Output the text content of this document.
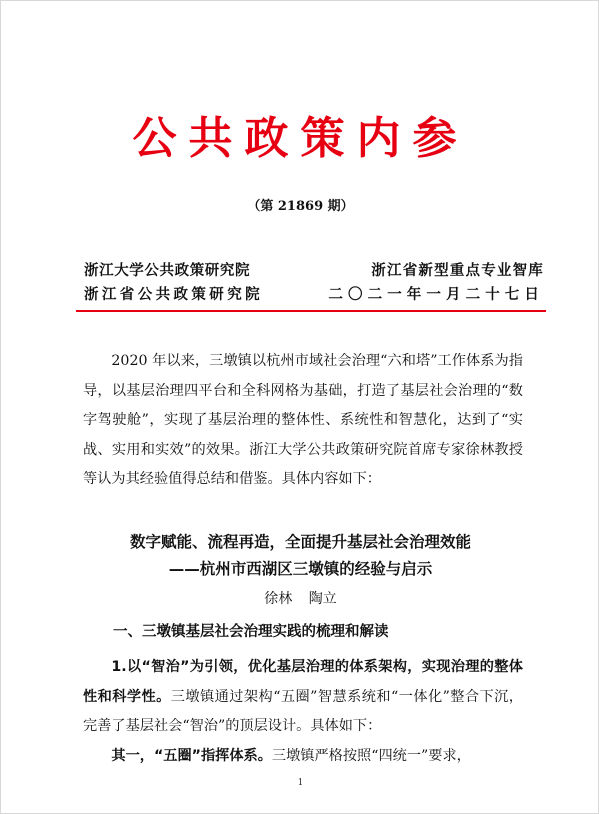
公共政策内参
（第 21869 期）
浙江大学公共政策研究院	浙江省新型重点专业智库
浙江省公共政策研究院	二〇二一年一月二十七日
2020 年以来，三墩镇以杭州市域社会治理“六和塔”工作体系为指导，以基层治理四平台和全科网格为基础，打造了基层社会治理的“数字驾驶舱”，实现了基层治理的整体性、系统性和智慧化，达到了“实战、实用和实效”的效果。浙江大学公共政策研究院首席专家徐林教授等认为其经验值得总结和借鉴。具体内容如下：
数字赋能、流程再造，全面提升基层社会治理效能
——杭州市西湖区三墩镇的经验与启示
徐林 陶立
一、三墩镇基层社会治理实践的梳理和解读
1.以“智治”为引领，优化基层治理的体系架构，实现治理的整体性和科学性。三墩镇通过架构“五圈”智慧系统和“一体化”整合下沉，完善了基层社会“智治”的顶层设计。具体如下：
其一，“五圈”指挥体系。三墩镇严格按照“四统一”要求，
1
